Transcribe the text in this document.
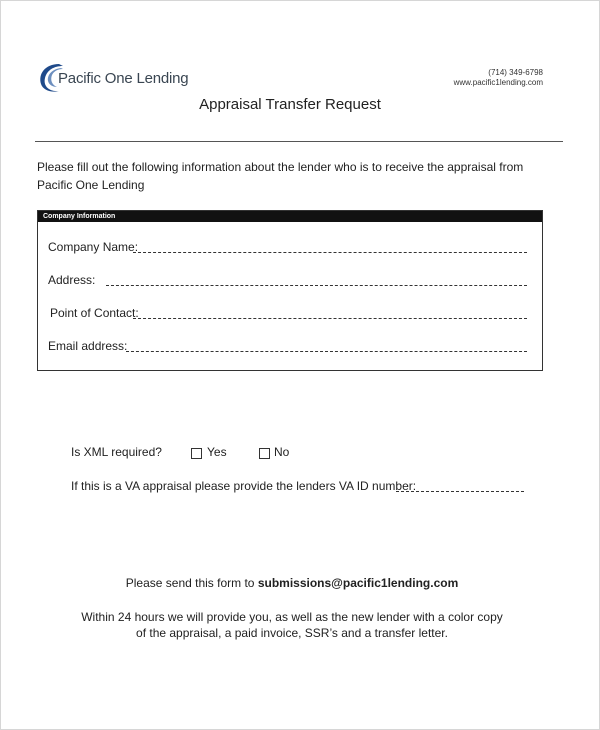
Pacific One Lending	(714) 349-6798
www.pacific1lending.com
Appraisal Transfer Request
Please fill out the following information about the lender who is to receive the appraisal from
Pacific One Lending
Company Information
Company Name:
Address:
Point of Contact:
Email address:
Is XML required?	Yes	No
If this is a VA appraisal please provide the lenders VA ID number:
Please send this form to submissions@pacific1lending.com
Within 24 hours we will provide you, as well as the new lender with a color copy
of the appraisal, a paid invoice, SSR’s and a transfer letter.
